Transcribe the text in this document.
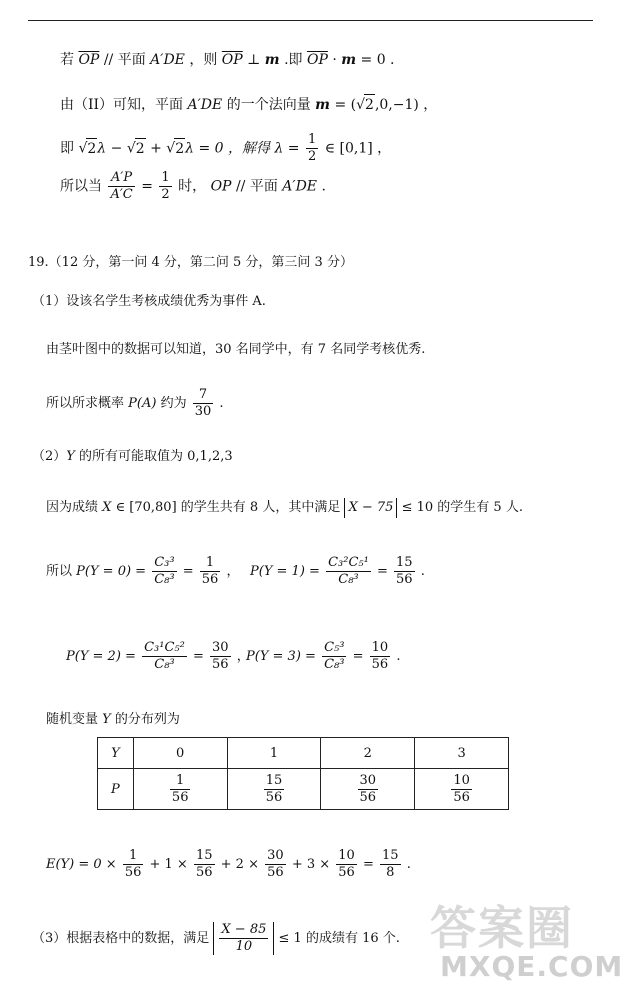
若 $\overline{OP}$ // 平面 A′DE ，则 $\overline{OP}$ ⊥ m .即 $\overline{OP} \cdot m = 0$ .
由（II）可知，平面 A′DE 的一个法向量 m = (√2,0,−1) ，
即 √2λ − √2 + √2λ = 0 ，解得 $\lambda = \frac{1}{2}$ ∈ [0,1] ，
所以当 $\frac{A'P}{A'C} = \frac{1}{2}$ 时， OP // 平面 A′DE .
19.（12 分，第一问 4 分，第二问 5 分，第三问 3 分）
（1）设该名学生考核成绩优秀为事件 A.
由茎叶图中的数据可以知道，30 名同学中，有 7 名同学考核优秀.
所以所求概率 P(A) 约为 $\frac{7}{30}$ .
（2）Y 的所有可能取值为 0,1,2,3
因为成绩 X ∈ [70,80] 的学生共有 8 人，其中满足 X − 75 ≤ 10 的学生有 5 人.
所以 $P(Y = 0) = \frac{\text{C₃³}}{\text{C₈³}} = \frac{1}{56}$ ， $P(Y = 1) = \frac{\text{C₃²C₅¹}}{\text{C₈³}} = \frac{15}{56}$ .
$P(Y = 2) = \frac{\text{C₃¹C₅²}}{\text{C₈³}} = \frac{30}{56}$ ，
$P(Y = 3) = \frac{\text{C₅³}}{\text{C₈³}} = \frac{10}{56}$ .
随机变量 Y 的分布列为
Y	0	1	2	3
P	$\frac{1}{56}$	$\frac{15}{56}$	$\frac{30}{56}$	$\frac{10}{56}$
$E(Y) = 0 \times \frac{1}{56} + 1 \times \frac{15}{56} + 2 \times \frac{30}{56} + 3 \times \frac{10}{56} = \frac{15}{8}$ .
（3）根据表格中的数据，满足 $\frac{X - 85}{10} \le 1$ 的成绩有 16 个. 答案圈
MXQE.COM
